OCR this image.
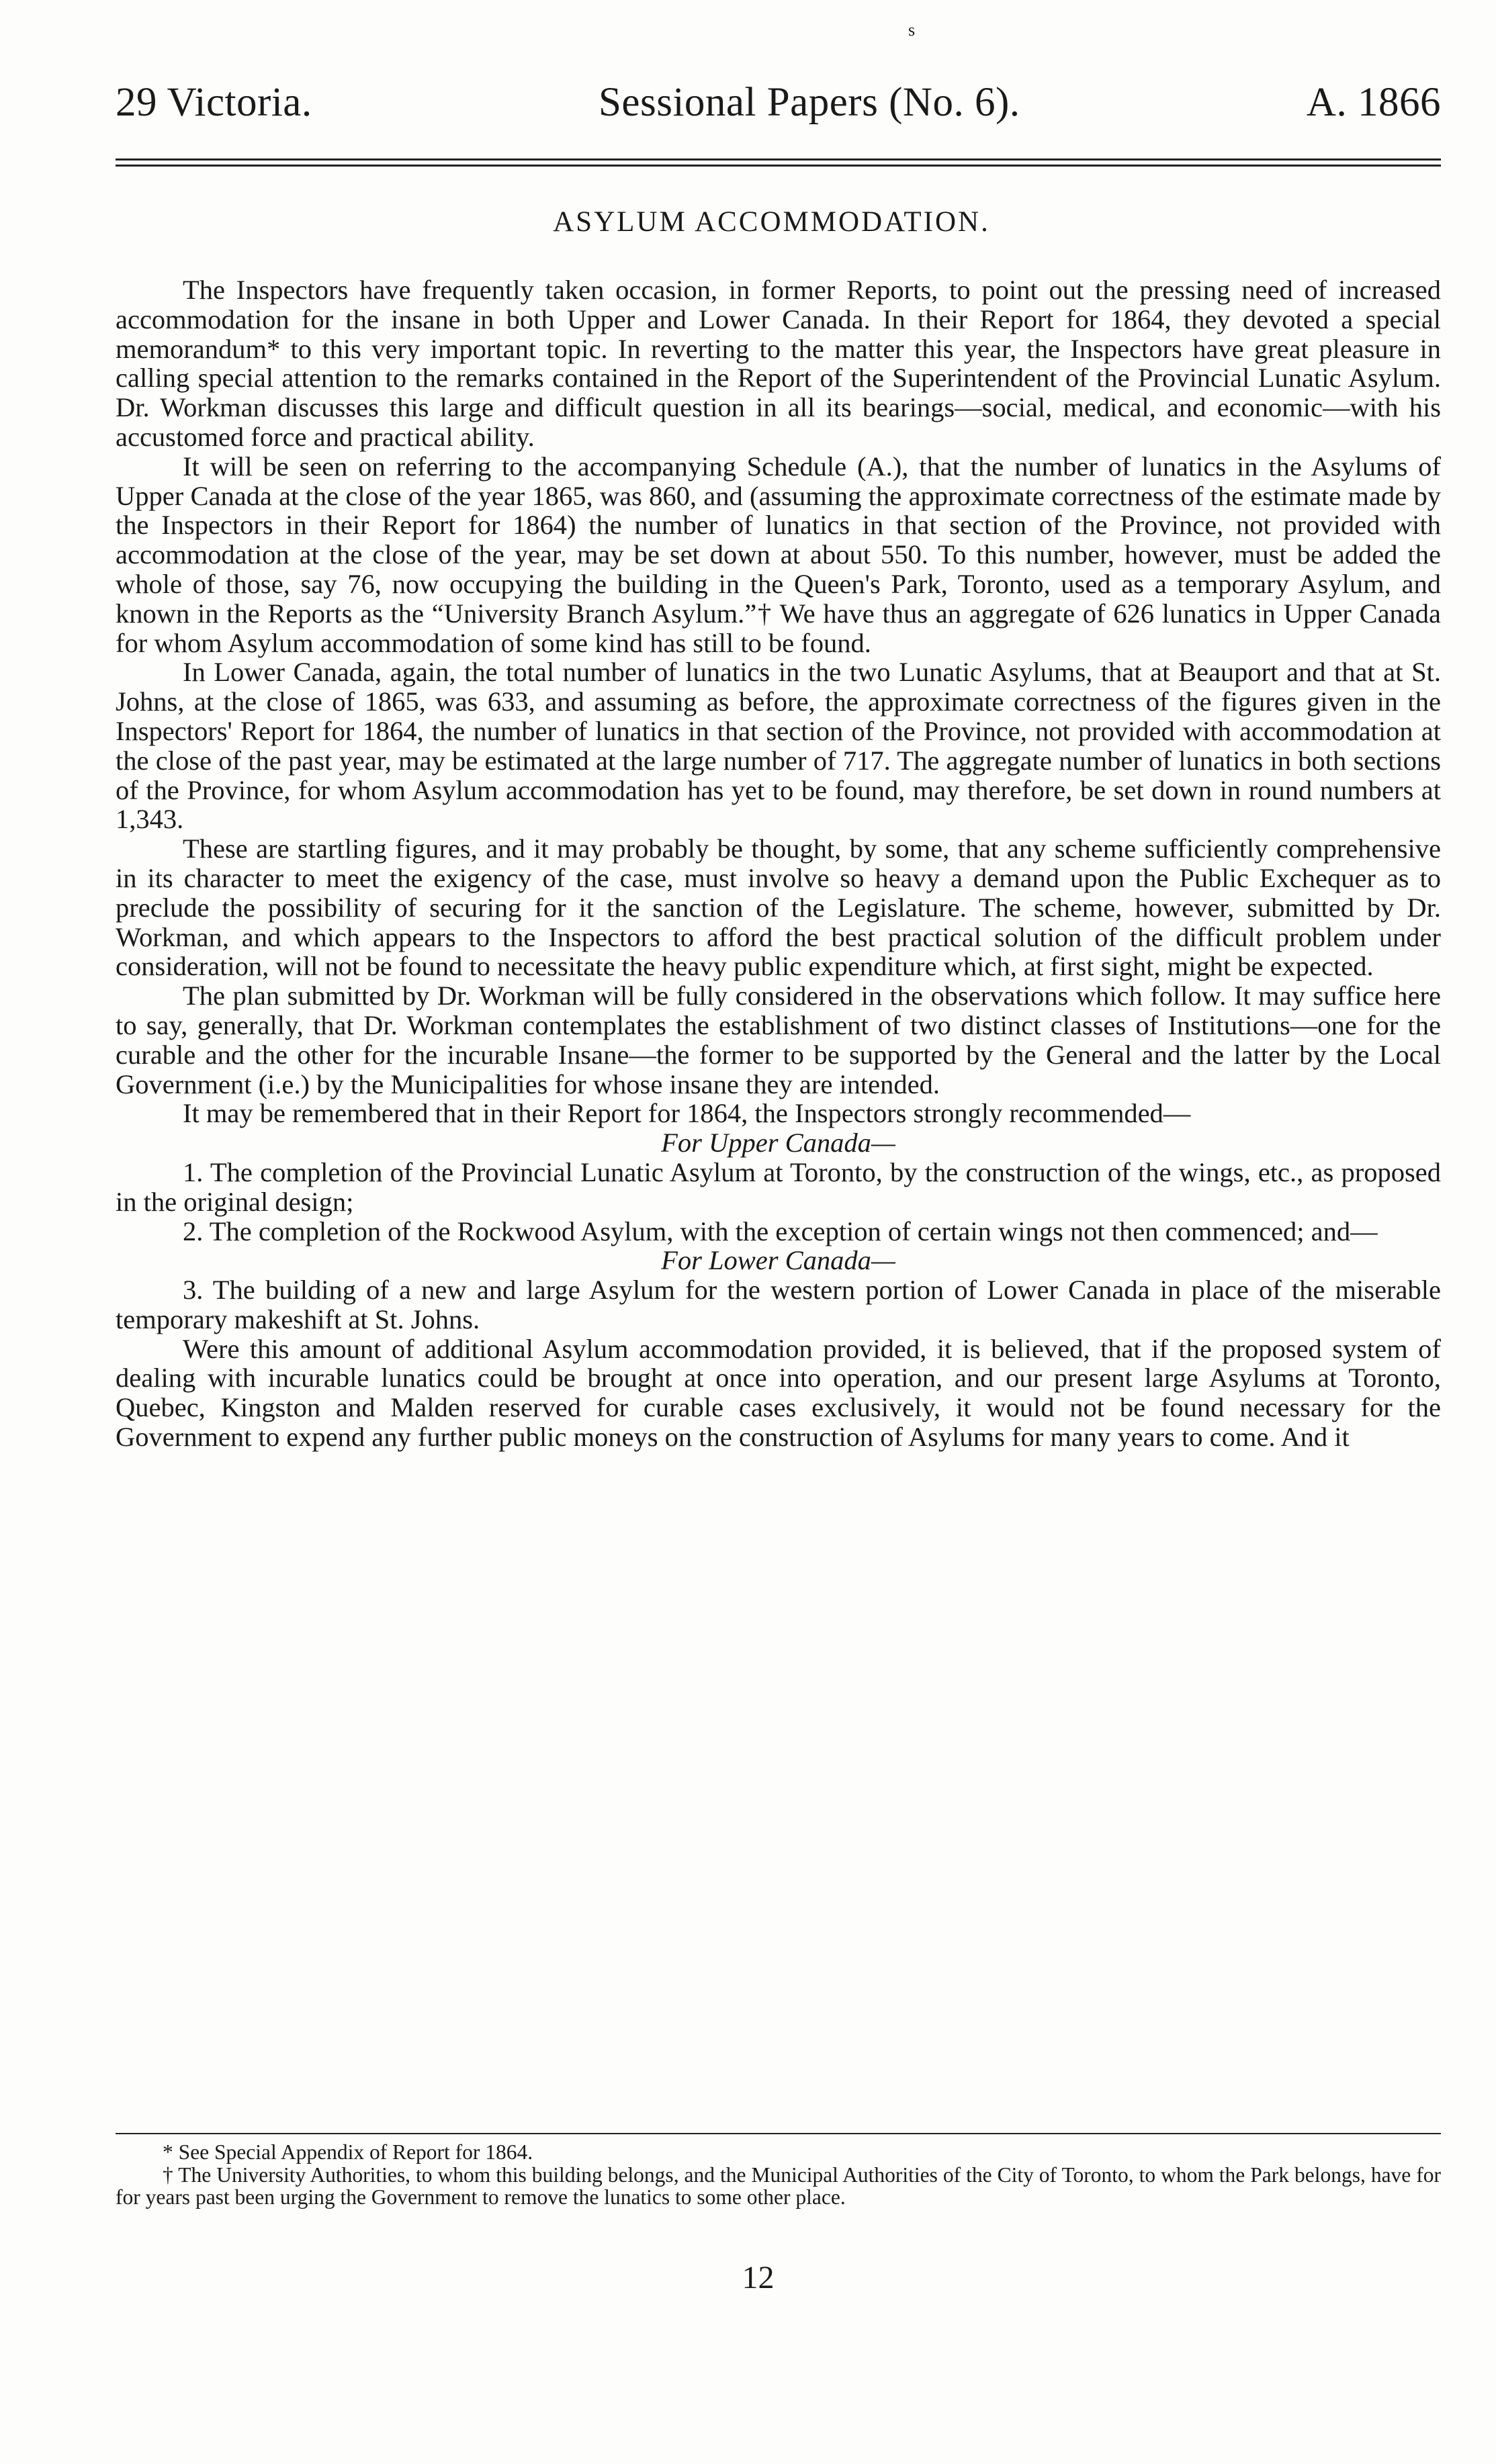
s
29 Victoria.	Sessional Papers (No. 6).	A. 1866
ASYLUM ACCOMMODATION.

The Inspectors have frequently taken occasion, in former Reports, to point out the pressing need of increased accommodation for the insane in both Upper and Lower Canada. In their Report for 1864, they devoted a special memorandum* to this very important topic. In reverting to the matter this year, the Inspectors have great pleasure in calling special attention to the remarks contained in the Report of the Superintendent of the Provincial Lunatic Asylum. Dr. Workman discusses this large and difficult question in all its bearings—social, medical, and economic—with his accustomed force and practical ability.

It will be seen on referring to the accompanying Schedule (A.), that the number of lunatics in the Asylums of Upper Canada at the close of the year 1865, was 860, and (assuming the approximate correctness of the estimate made by the Inspectors in their Report for 1864) the number of lunatics in that section of the Province, not provided with accommodation at the close of the year, may be set down at about 550. To this number, however, must be added the whole of those, say 76, now occupying the building in the Queen's Park, Toronto, used as a temporary Asylum, and known in the Reports as the “University Branch Asylum.”† We have thus an aggregate of 626 lunatics in Upper Canada for whom Asylum accommodation of some kind has still to be found.

In Lower Canada, again, the total number of lunatics in the two Lunatic Asylums, that at Beauport and that at St. Johns, at the close of 1865, was 633, and assuming as before, the approximate correctness of the figures given in the Inspectors' Report for 1864, the number of lunatics in that section of the Province, not provided with accommodation at the close of the past year, may be estimated at the large number of 717. The aggregate number of lunatics in both sections of the Province, for whom Asylum accommodation has yet to be found, may therefore, be set down in round numbers at 1,343.

These are startling figures, and it may probably be thought, by some, that any scheme sufficiently comprehensive in its character to meet the exigency of the case, must involve so heavy a demand upon the Public Exchequer as to preclude the possibility of securing for it the sanction of the Legislature. The scheme, however, submitted by Dr. Workman, and which appears to the Inspectors to afford the best practical solution of the difficult problem under consideration, will not be found to necessitate the heavy public expenditure which, at first sight, might be expected.

The plan submitted by Dr. Workman will be fully considered in the observations which follow. It may suffice here to say, generally, that Dr. Workman contemplates the establishment of two distinct classes of Institutions—one for the curable and the other for the incurable Insane—the former to be supported by the General and the latter by the Local Government (i.e.) by the Municipalities for whose insane they are intended.

It may be remembered that in their Report for 1864, the Inspectors strongly recommended—

For Upper Canada—

1. The completion of the Provincial Lunatic Asylum at Toronto, by the construction of the wings, etc., as proposed in the original design;

2. The completion of the Rockwood Asylum, with the exception of certain wings not then commenced; and—

For Lower Canada—

3. The building of a new and large Asylum for the western portion of Lower Canada in place of the miserable temporary makeshift at St. Johns.

Were this amount of additional Asylum accommodation provided, it is believed, that if the proposed system of dealing with incurable lunatics could be brought at once into operation, and our present large Asylums at Toronto, Quebec, Kingston and Malden reserved for curable cases exclusively, it would not be found necessary for the Government to expend any further public moneys on the construction of Asylums for many years to come. And it

* See Special Appendix of Report for 1864.

† The University Authorities, to whom this building belongs, and the Municipal Authorities of the City of Toronto, to whom the Park belongs, have for for years past been urging the Government to remove the lunatics to some other place.

12
